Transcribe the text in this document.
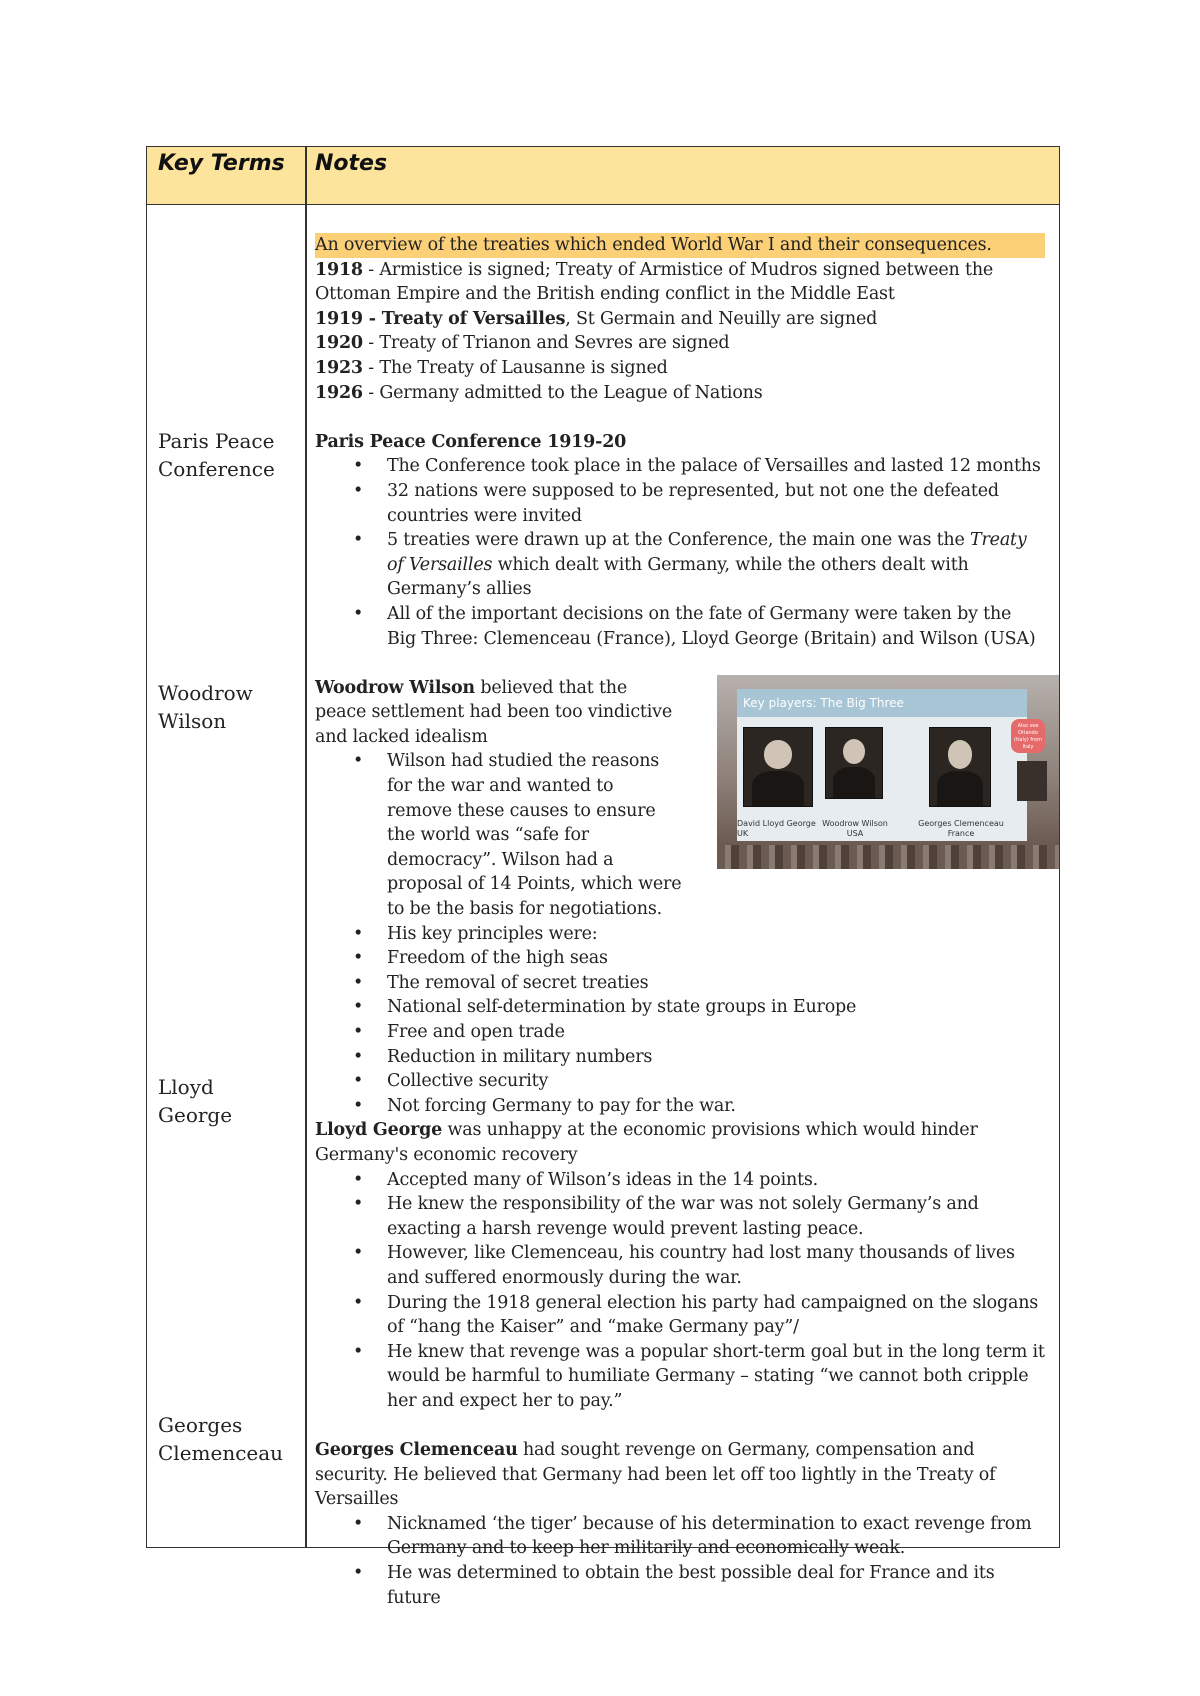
Key Terms Notes
Paris Peace Conference
Woodrow Wilson
Lloyd George
Georges Clemenceau

An overview of the treaties which ended World War I and their consequences.

1918 - Armistice is signed; Treaty of Armistice of Mudros signed between the Ottoman Empire and the British ending conflict in the Middle East

1919 - Treaty of Versailles, St Germain and Neuilly are signed

1920 - Treaty of Trianon and Sevres are signed

1923 - The Treaty of Lausanne is signed

1926 - Germany admitted to the League of Nations

Paris Peace Conference 1919-20

• The Conference took place in the palace of Versailles and lasted 12 months
• 32 nations were supposed to be represented, but not one the defeated countries were invited
• 5 treaties were drawn up at the Conference, the main one was the Treaty of Versailles which dealt with Germany, while the others dealt with Germany’s allies
• All of the important decisions on the fate of Germany were taken by the Big Three: Clemenceau (France), Lloyd George (Britain) and Wilson (USA)

Woodrow Wilson believed that the peace settlement had been too vindictive and lacked idealism

• Wilson had studied the reasons for the war and wanted to remove these causes to ensure the world was “safe for democracy”. Wilson had a proposal of 14 Points, which were to be the basis for negotiations.
• His key principles were:
• Freedom of the high seas
• The removal of secret treaties
• National self-determination by state groups in Europe
• Free and open trade
• Reduction in military numbers
• Collective security
• Not forcing Germany to pay for the war.

Lloyd George was unhappy at the economic provisions which would hinder Germany's economic recovery

• Accepted many of Wilson’s ideas in the 14 points.
• He knew the responsibility of the war was not solely Germany’s and exacting a harsh revenge would prevent lasting peace.
• However, like Clemenceau, his country had lost many thousands of lives and suffered enormously during the war.
• During the 1918 general election his party had campaigned on the slogans of “hang the Kaiser” and “make Germany pay”/
• He knew that revenge was a popular short-term goal but in the long term it would be harmful to humiliate Germany – stating “we cannot both cripple her and expect her to pay.”

Georges Clemenceau had sought revenge on Germany, compensation and security. He believed that Germany had been let off too lightly in the Treaty of Versailles

• Nicknamed ‘the tiger’ because of his determination to exact revenge from Germany and to keep her militarily and economically weak.
• He was determined to obtain the best possible deal for France and its future
Key players: The Big Three
David Lloyd George
UK
Woodrow Wilson
USA
Georges Clemenceau
France
Also see Orlando (Italy) from Italy
